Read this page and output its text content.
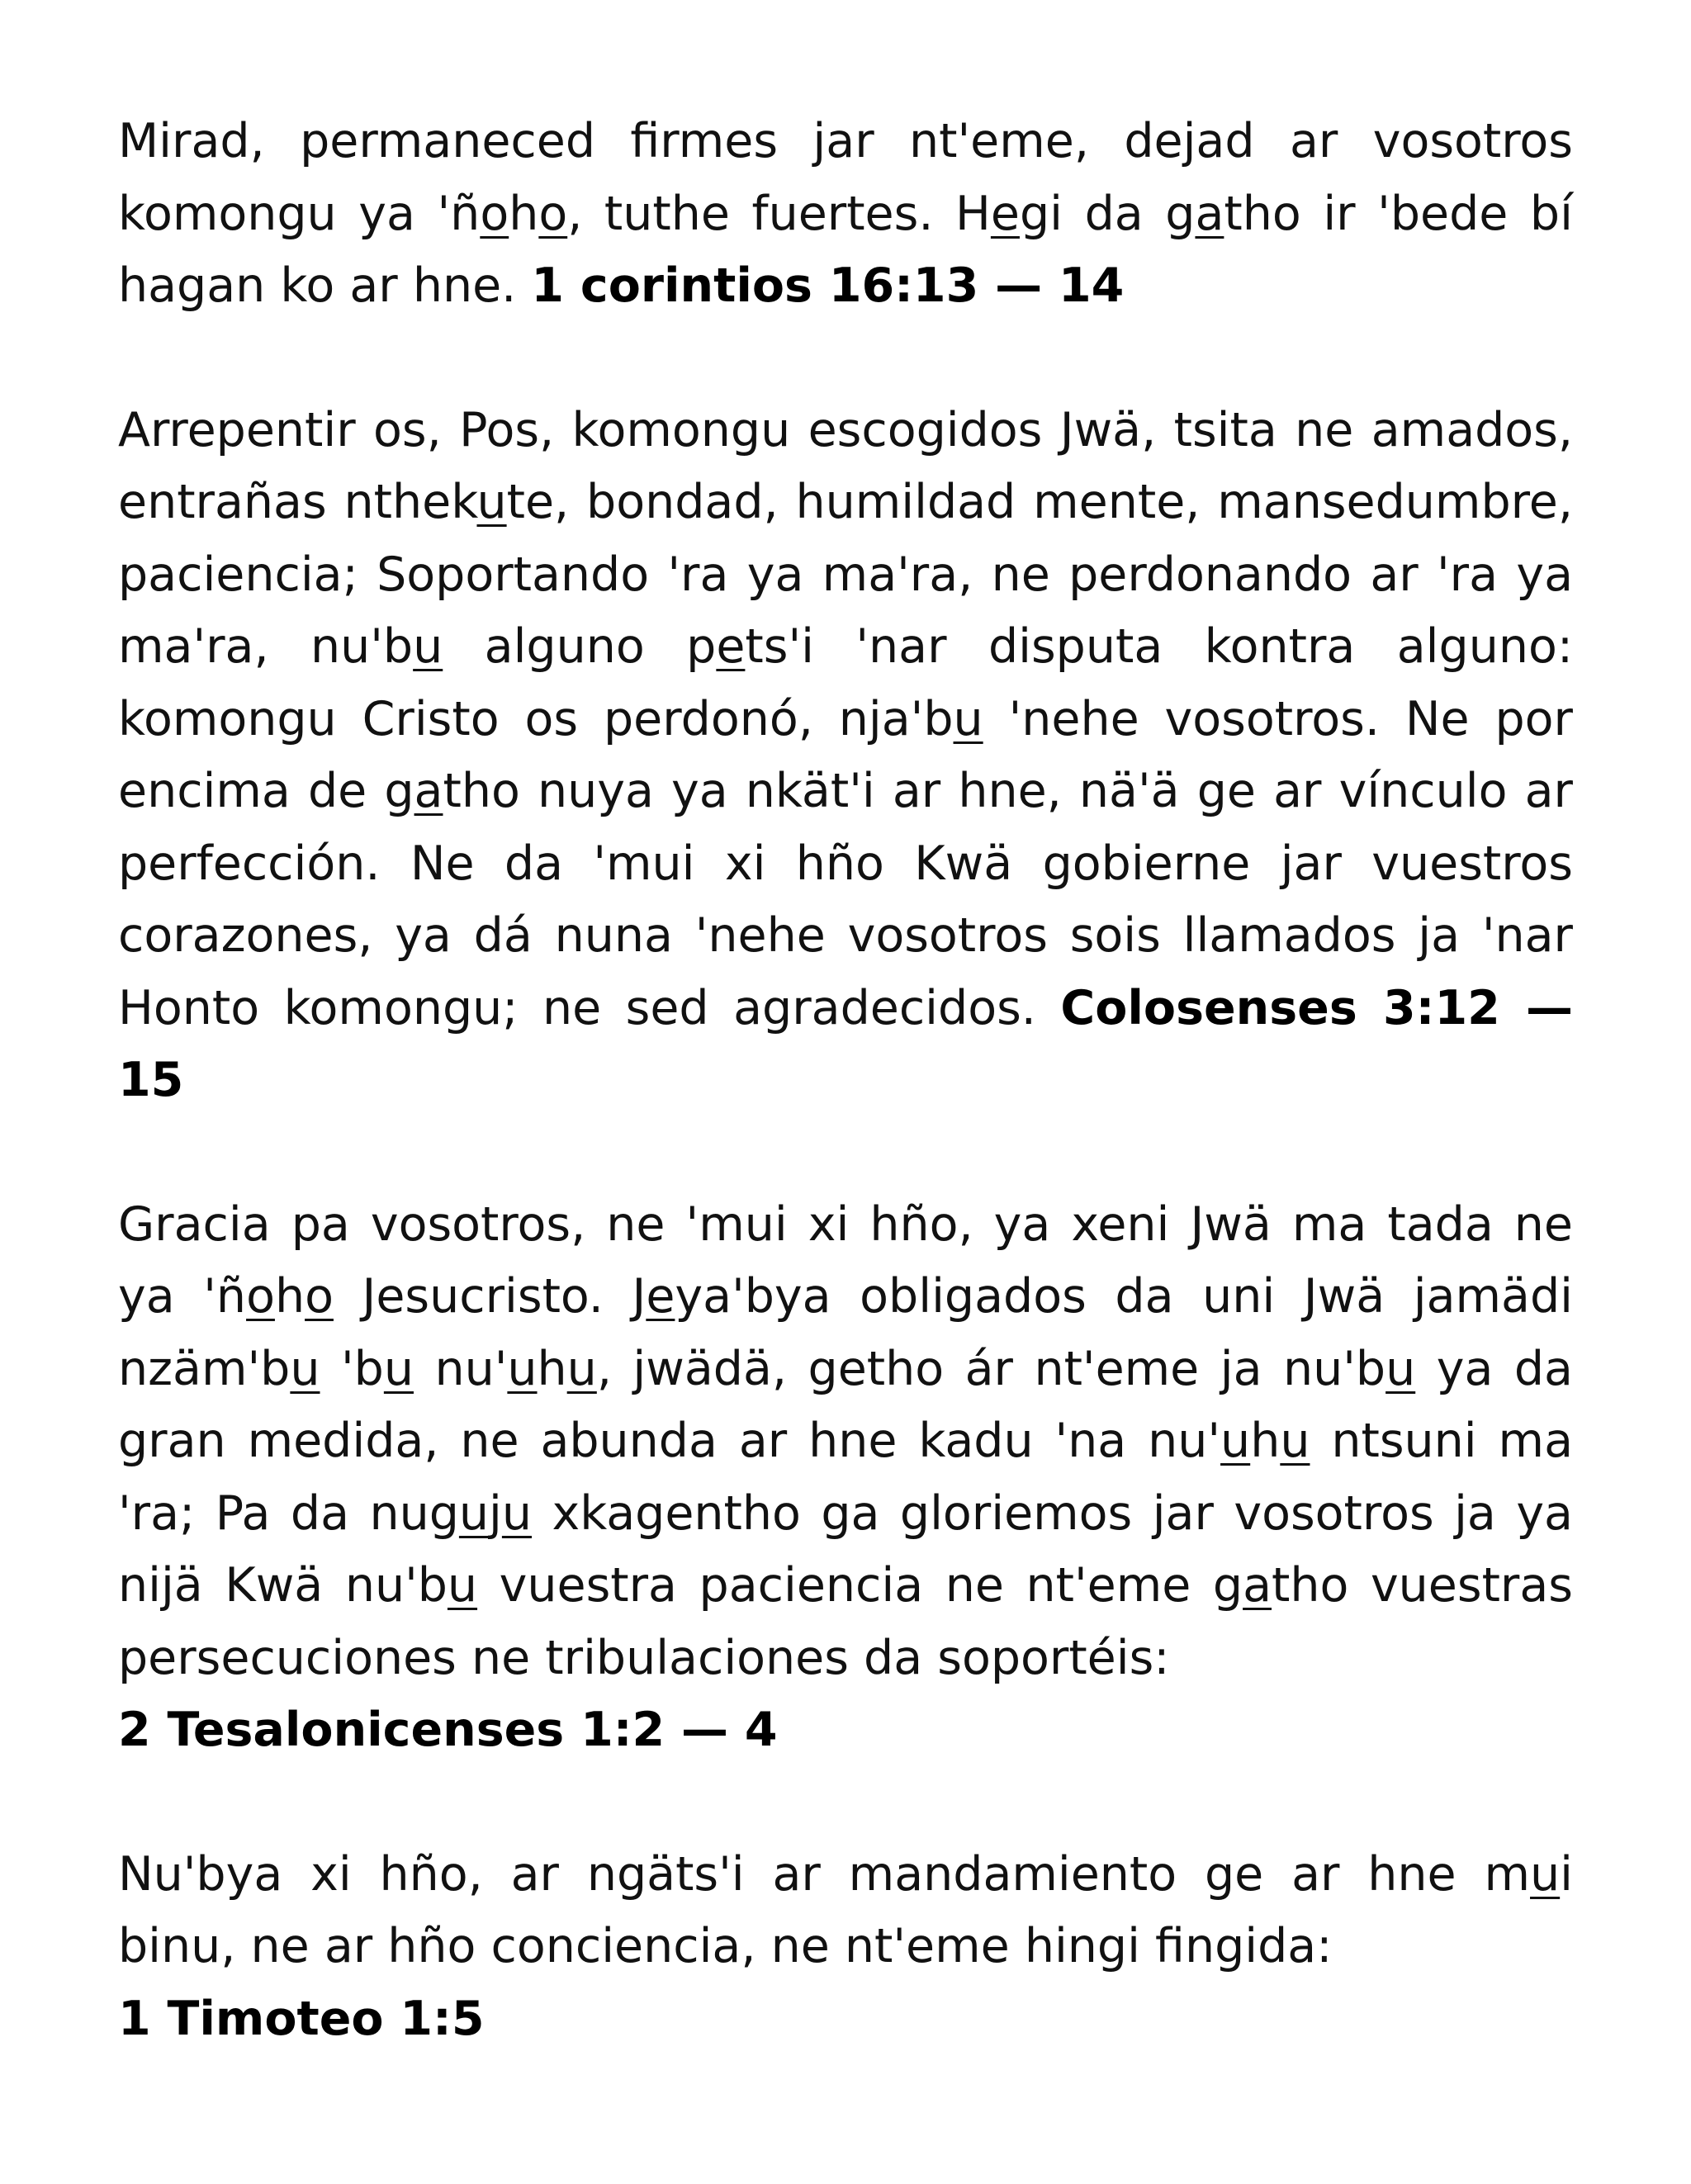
Mirad, permaneced firmes jar nt'eme, dejad ar vosotros komongu ya 'ñoho, tuthe fuertes. Hegi da gatho ir 'bede bí hagan ko ar hne. 1 corintios 16:13 — 14

Arrepentir os, Pos, komongu escogidos Jwä, tsita ne amados, entrañas nthekute, bondad, humildad mente, mansedumbre, paciencia; Soportando 'ra ya ma'ra, ne perdonando ar 'ra ya ma'ra, nu'bu alguno pets'i 'nar disputa kontra alguno: komongu Cristo os perdonó, nja'bu 'nehe vosotros. Ne por encima de gatho nuya ya nkät'i ar hne, nä'ä ge ar vínculo ar perfección. Ne da 'mui xi hño Kwä gobierne jar vuestros corazones, ya dá nuna 'nehe vosotros sois llamados ja 'nar Honto komongu; ne sed agradecidos. Colosenses 3:12 — 15

Gracia pa vosotros, ne 'mui xi hño, ya xeni Jwä ma tada ne ya 'ñoho Jesucristo. Jeya'bya obligados da uni Jwä jamädi nzäm'bu 'bu nu'uhu, jwädä, getho ár nt'eme ja nu'bu ya da gran medida, ne abunda ar hne kadu 'na nu'uhu ntsuni ma 'ra; Pa da nuguju xkagentho ga gloriemos jar vosotros ja ya nijä Kwä nu'bu vuestra paciencia ne nt'eme gatho vuestras persecuciones ne tribulaciones da soportéis:
2 Tesalonicenses 1:2 — 4

Nu'bya xi hño, ar ngäts'i ar mandamiento ge ar hne mui binu, ne ar hño conciencia, ne nt'eme hingi fingida:
1 Timoteo 1:5
